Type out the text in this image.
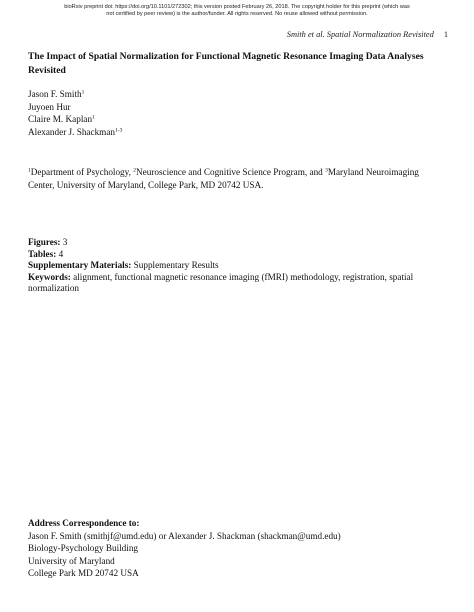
bioRxiv preprint doi: https://doi.org/10.1101/272302; this version posted February 26, 2018. The copyright holder for this preprint (which was
not certified by peer review) is the author/funder. All rights reserved. No reuse allowed without permission.
Smith et al. Spatial Normalization Revisited 1
The Impact of Spatial Normalization for Functional Magnetic Resonance Imaging Data Analyses Revisited
Jason F. Smith$^1$
Juyoen Hur
Claire M. Kaplan$^1$
Alexander J. Shackman$^{1-3}$
$^1$Department of Psychology, $^2$Neuroscience and Cognitive Science Program, and $^3$Maryland Neuroimaging Center, University of Maryland, College Park, MD 20742 USA.
Figures: 3
Tables: 4
Supplementary Materials: Supplementary Results
Keywords: alignment, functional magnetic resonance imaging (fMRI) methodology, registration, spatial normalization
Address Correspondence to:
Jason F. Smith (smithjf@umd.edu) or Alexander J. Shackman (shackman@umd.edu)
Biology-Psychology Building
University of Maryland
College Park MD 20742 USA
